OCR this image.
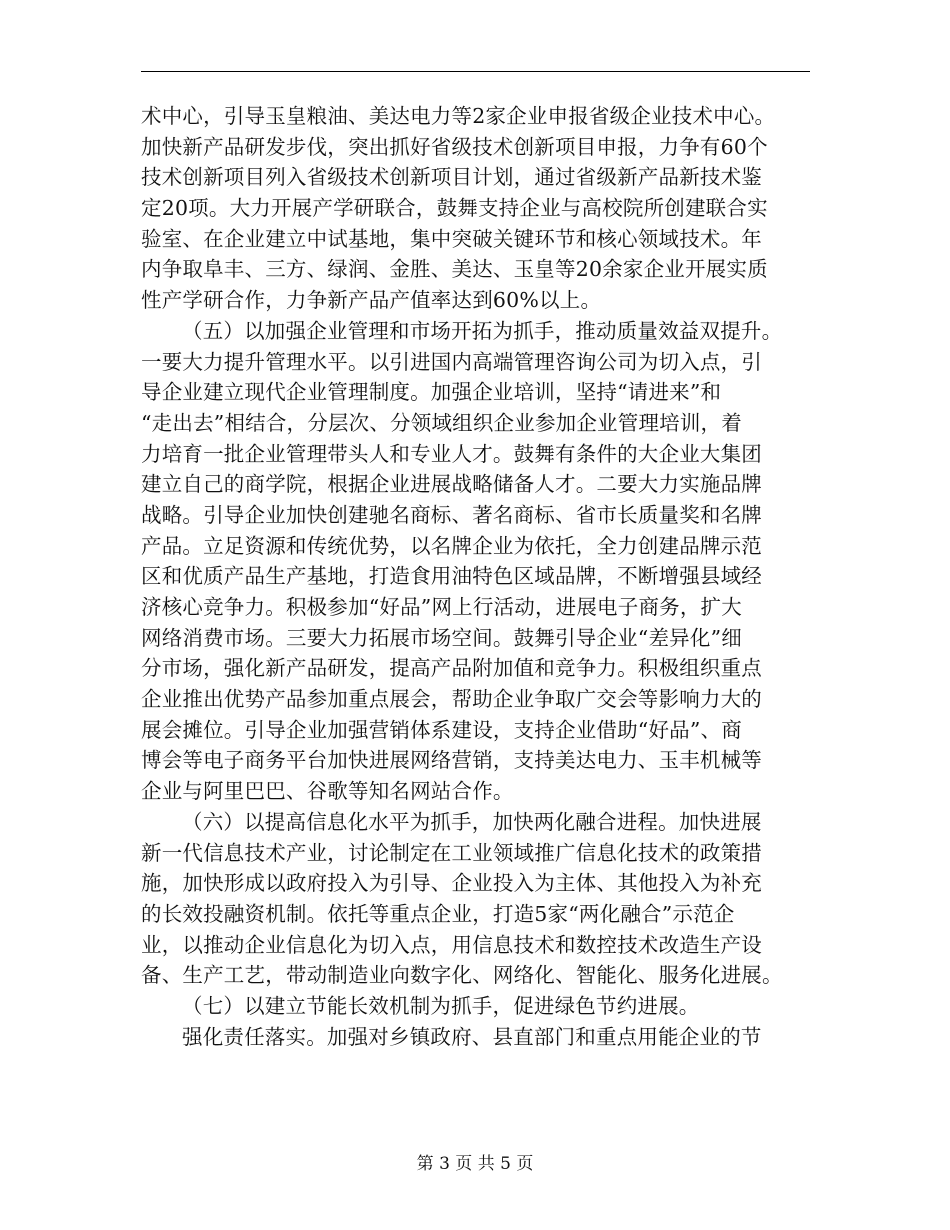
术中心，引导玉皇粮油、美达电力等2家企业申报省级企业技术中心。
加快新产品研发步伐，突出抓好省级技术创新项目申报，力争有60个
技术创新项目列入省级技术创新项目计划，通过省级新产品新技术鉴
定20项。大力开展产学研联合，鼓舞支持企业与高校院所创建联合实
验室、在企业建立中试基地，集中突破关键环节和核心领域技术。年
内争取阜丰、三方、绿润、金胜、美达、玉皇等20余家企业开展实质
性产学研合作，力争新产品产值率达到60%以上。
（五）以加强企业管理和市场开拓为抓手，推动质量效益双提升。
一要大力提升管理水平。以引进国内高端管理咨询公司为切入点，引
导企业建立现代企业管理制度。加强企业培训，坚持“请进来”和
“走出去”相结合，分层次、分领域组织企业参加企业管理培训，着
力培育一批企业管理带头人和专业人才。鼓舞有条件的大企业大集团
建立自己的商学院，根据企业进展战略储备人才。二要大力实施品牌
战略。引导企业加快创建驰名商标、著名商标、省市长质量奖和名牌
产品。立足资源和传统优势，以名牌企业为依托，全力创建品牌示范
区和优质产品生产基地，打造食用油特色区域品牌，不断增强县域经
济核心竞争力。积极参加“好品”网上行活动，进展电子商务，扩大
网络消费市场。三要大力拓展市场空间。鼓舞引导企业“差异化”细
分市场，强化新产品研发，提高产品附加值和竞争力。积极组织重点
企业推出优势产品参加重点展会，帮助企业争取广交会等影响力大的
展会摊位。引导企业加强营销体系建设，支持企业借助“好品”、商
博会等电子商务平台加快进展网络营销，支持美达电力、玉丰机械等
企业与阿里巴巴、谷歌等知名网站合作。
（六）以提高信息化水平为抓手，加快两化融合进程。加快进展
新一代信息技术产业，讨论制定在工业领域推广信息化技术的政策措
施，加快形成以政府投入为引导、企业投入为主体、其他投入为补充
的长效投融资机制。依托等重点企业，打造5家“两化融合”示范企
业，以推动企业信息化为切入点，用信息技术和数控技术改造生产设
备、生产工艺，带动制造业向数字化、网络化、智能化、服务化进展。
（七）以建立节能长效机制为抓手，促进绿色节约进展。
强化责任落实。加强对乡镇政府、县直部门和重点用能企业的节
第 3 页 共 5 页
